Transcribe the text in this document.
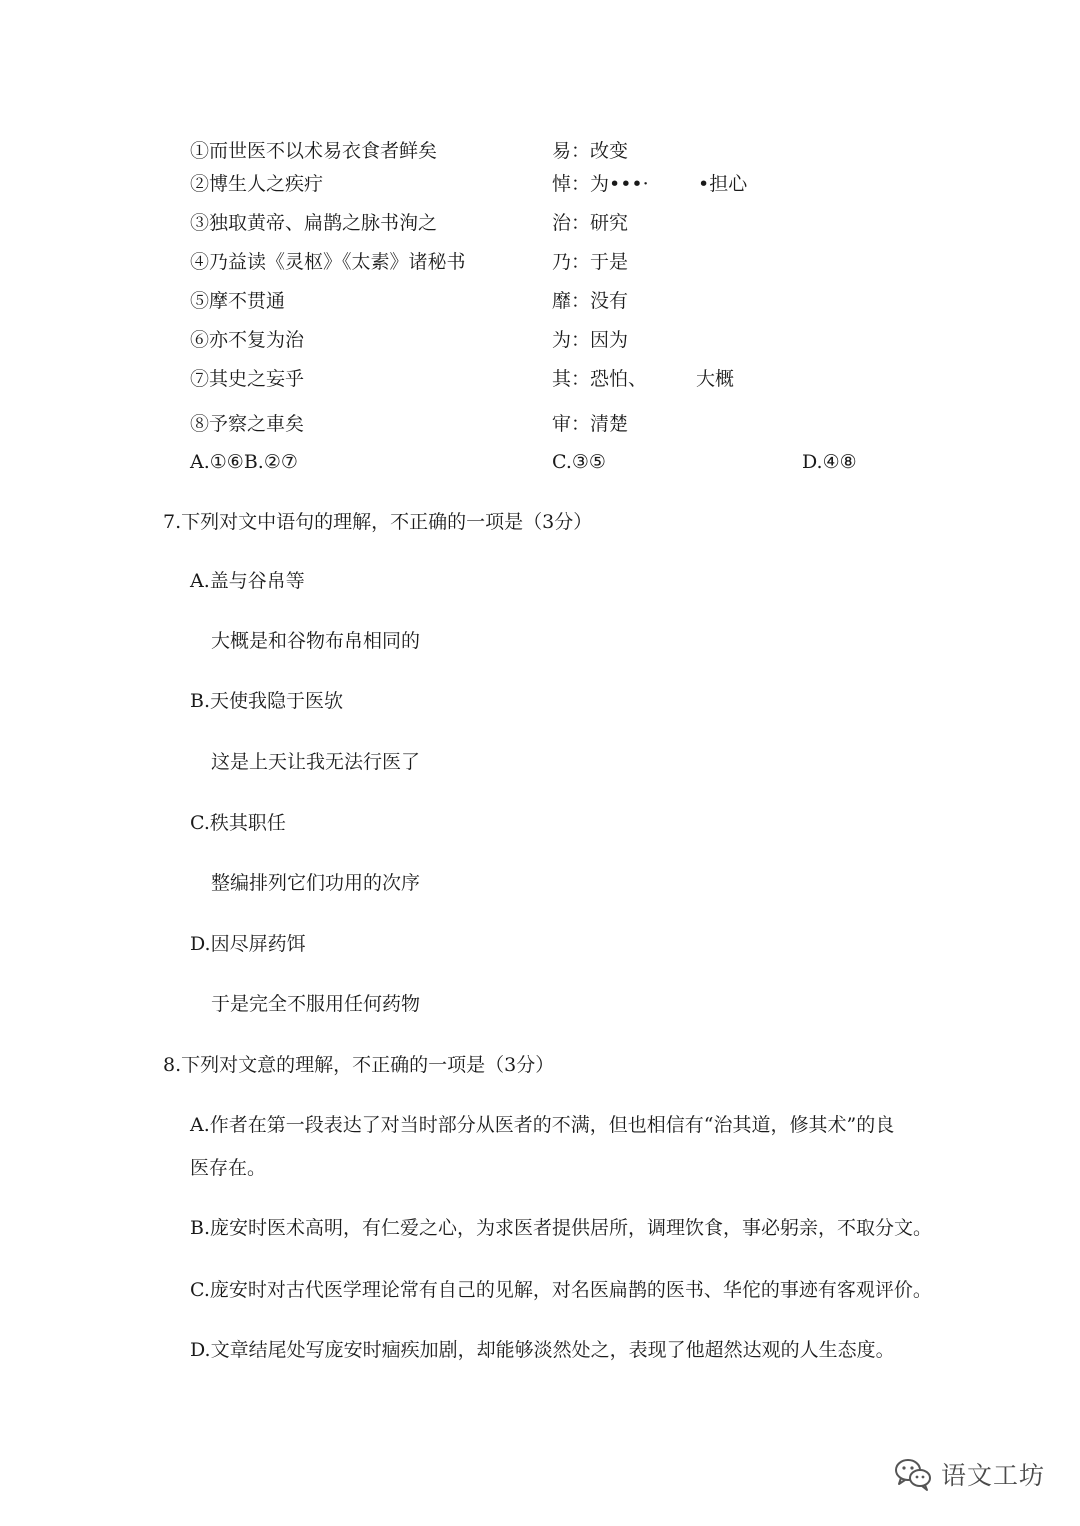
①而世医不以术易衣食者鲜矣	易：改变
②博生人之疾疔	悼：为•••·	•担心
③独取黄帝、扁鹊之脉书洵之	治：研究
④乃益读《灵枢》《太素》诸秘书	乃：于是
⑤摩不贯通	靡：没有
⑥亦不复为治	为：因为
⑦其史之妄乎	其：恐怕、	大概
⑧予察之車矣	审：清楚
A.①⑥B.②⑦	C.③⑤	D.④⑧
7.下列对文中语句的理解，不正确的一项是（3分）
A.盖与谷帛等
大概是和谷物布帛相同的
B.天使我隐于医欤
这是上天让我无法行医了
C.秩其职任
整编排列它们功用的次序
D.因尽屏药饵
于是完全不服用任何药物
8.下列对文意的理解，不正确的一项是（3分）
A.作者在第一段表达了对当时部分从医者的不满，但也相信有“治其道，修其术”的良
医存在。
B.庞安时医术高明，有仁爱之心，为求医者提供居所，调理饮食，事必躬亲，不取分文。
C.庞安时对古代医学理论常有自己的见解，对名医扁鹊的医书、华佗的事迹有客观评价。
D.文章结尾处写庞安时痼疾加剧，却能够淡然处之，表现了他超然达观的人生态度。
语文工坊
